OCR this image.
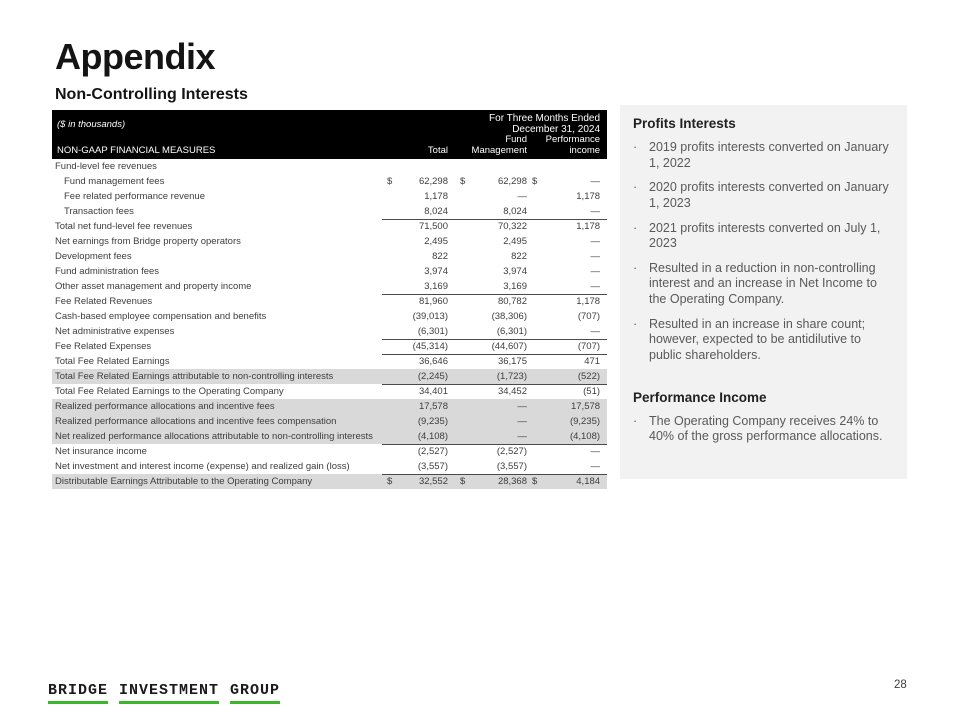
Appendix
Non-Controlling Interests
($ in thousands)			For Three Months Ended December 31, 2024			
NON-GAAP FINANCIAL MEASURES	Total		Fund
Management		Performance
income	

Fund-level fee revenues						
Fund management fees	$	62,298	$	62,298	$	—
Fee related performance revenue		1,178		—		1,178
Transaction fees		8,024		8,024		—
Total net fund-level fee revenues		71,500		70,322		1,178
Net earnings from Bridge property operators		2,495		2,495		—
Development fees		822		822		—
Fund administration fees		3,974		3,974		—
Other asset management and property income		3,169		3,169		—
Fee Related Revenues		81,960		80,782		1,178
Cash-based employee compensation and benefits		(39,013)		(38,306)		(707)
Net administrative expenses		(6,301)		(6,301)		—
Fee Related Expenses		(45,314)		(44,607)		(707)
Total Fee Related Earnings		36,646		36,175		471
Total Fee Related Earnings attributable to non-controlling interests		(2,245)		(1,723)		(522)
Total Fee Related Earnings to the Operating Company		34,401		34,452		(51)
Realized performance allocations and incentive fees		17,578		—		17,578
Realized performance allocations and incentive fees compensation		(9,235)		—		(9,235)
Net realized performance allocations attributable to non-controlling interests		(4,108)		—		(4,108)
Net insurance income		(2,527)		(2,527)		—
Net investment and interest income (expense) and realized gain (loss)		(3,557)		(3,557)		—
Distributable Earnings Attributable to the Operating Company	$	32,552	$	28,368	$	4,184
Profits Interests
· 2019 profits interests converted on January 1, 2022
· 2020 profits interests converted on January 1, 2023
· 2021 profits interests converted on July 1, 2023
· Resulted in a reduction in non-controlling interest and an increase in Net Income to the Operating Company.
· Resulted in an increase in share count; however, expected to be antidilutive to public shareholders.
Performance Income
· The Operating Company receives 24% to 40% of the gross performance allocations.
BRIDGE INVESTMENT GROUP	28
